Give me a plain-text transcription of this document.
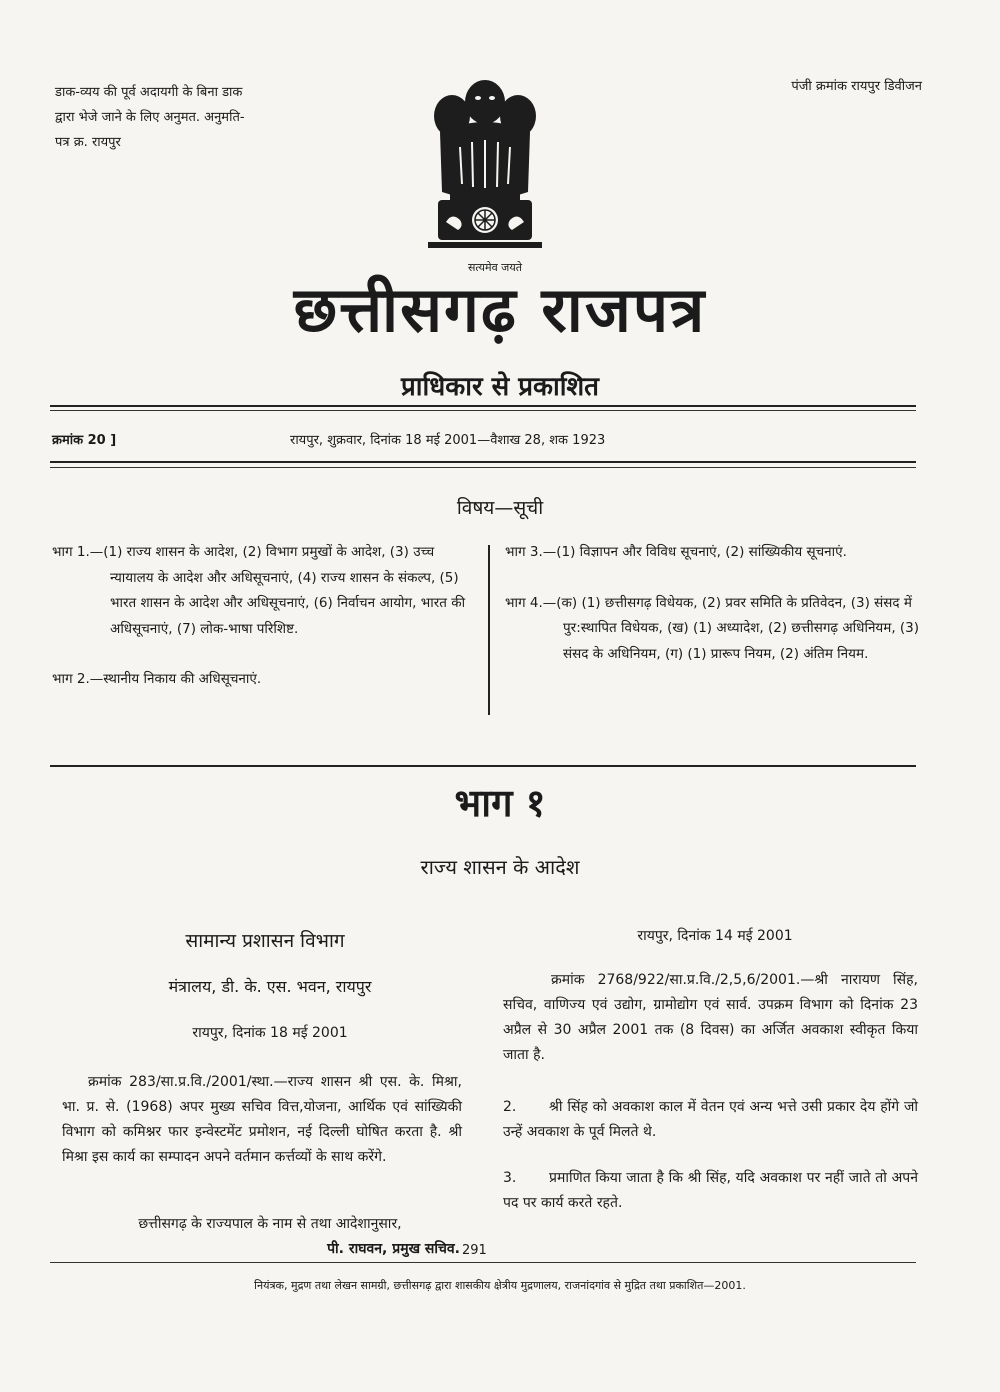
डाक-व्यय की पूर्व अदायगी के बिना डाक द्वारा भेजे जाने के लिए अनुमत. अनुमति-पत्र क्र. रायपुर
पंजी क्रमांक रायपुर डिवीजन
सत्यमेव जयते
छत्तीसगढ़ राजपत्र
प्राधिकार से प्रकाशित
क्रमांक 20 ]	रायपुर, शुक्रवार, दिनांक 18 मई 2001—वैशाख 28, शक 1923
विषय—सूची
भाग 1.—(1) राज्य शासन के आदेश, (2) विभाग प्रमुखों के आदेश, (3) उच्च न्यायालय के आदेश और अधिसूचनाएं, (4) राज्य शासन के संकल्प, (5) भारत शासन के आदेश और अधिसूचनाएं, (6) निर्वाचन आयोग, भारत की अधिसूचनाएं, (7) लोक-भाषा परिशिष्ट.
भाग 2.—स्थानीय निकाय की अधिसूचनाएं.
भाग 3.—(1) विज्ञापन और विविध सूचनाएं, (2) सांख्यिकीय सूचनाएं.
भाग 4.—(क) (1) छत्तीसगढ़ विधेयक, (2) प्रवर समिति के प्रतिवेदन, (3) संसद में पुर:स्थापित विधेयक, (ख) (1) अध्यादेश, (2) छत्तीसगढ़ अधिनियम, (3) संसद के अधिनियम, (ग) (1) प्रारूप नियम, (2) अंतिम नियम.
भाग १
राज्य शासन के आदेश
सामान्य प्रशासन विभाग
मंत्रालय, डी. के. एस. भवन, रायपुर
रायपुर, दिनांक 18 मई 2001
क्रमांक 283/सा.प्र.वि./2001/स्था.—राज्य शासन श्री एस. के. मिश्रा, भा. प्र. से. (1968) अपर मुख्य सचिव वित्त,योजना, आर्थिक एवं सांख्यिकी विभाग को कमिश्नर फार इन्वेस्टमेंट प्रमोशन, नई दिल्ली घोषित करता है. श्री मिश्रा इस कार्य का सम्पादन अपने वर्तमान कर्त्तव्यों के साथ करेंगे.
छत्तीसगढ़ के राज्यपाल के नाम से तथा आदेशानुसार,
पी. राघवन, प्रमुख सचिव.
रायपुर, दिनांक 14 मई 2001
क्रमांक 2768/922/सा.प्र.वि./2,5,6/2001.—श्री नारायण सिंह, सचिव, वाणिज्य एवं उद्योग, ग्रामोद्योग एवं सार्व. उपक्रम विभाग को दिनांक 23 अप्रैल से 30 अप्रैल 2001 तक (8 दिवस) का अर्जित अवकाश स्वीकृत किया जाता है.
2. श्री सिंह को अवकाश काल में वेतन एवं अन्य भत्ते उसी प्रकार देय होंगे जो उन्हें अवकाश के पूर्व मिलते थे.
3. प्रमाणित किया जाता है कि श्री सिंह, यदि अवकाश पर नहीं जाते तो अपने पद पर कार्य करते रहते.
291
नियंत्रक, मुद्रण तथा लेखन सामग्री, छत्तीसगढ़ द्वारा शासकीय क्षेत्रीय मुद्रणालय, राजनांदगांव से मुद्रित तथा प्रकाशित—2001.
